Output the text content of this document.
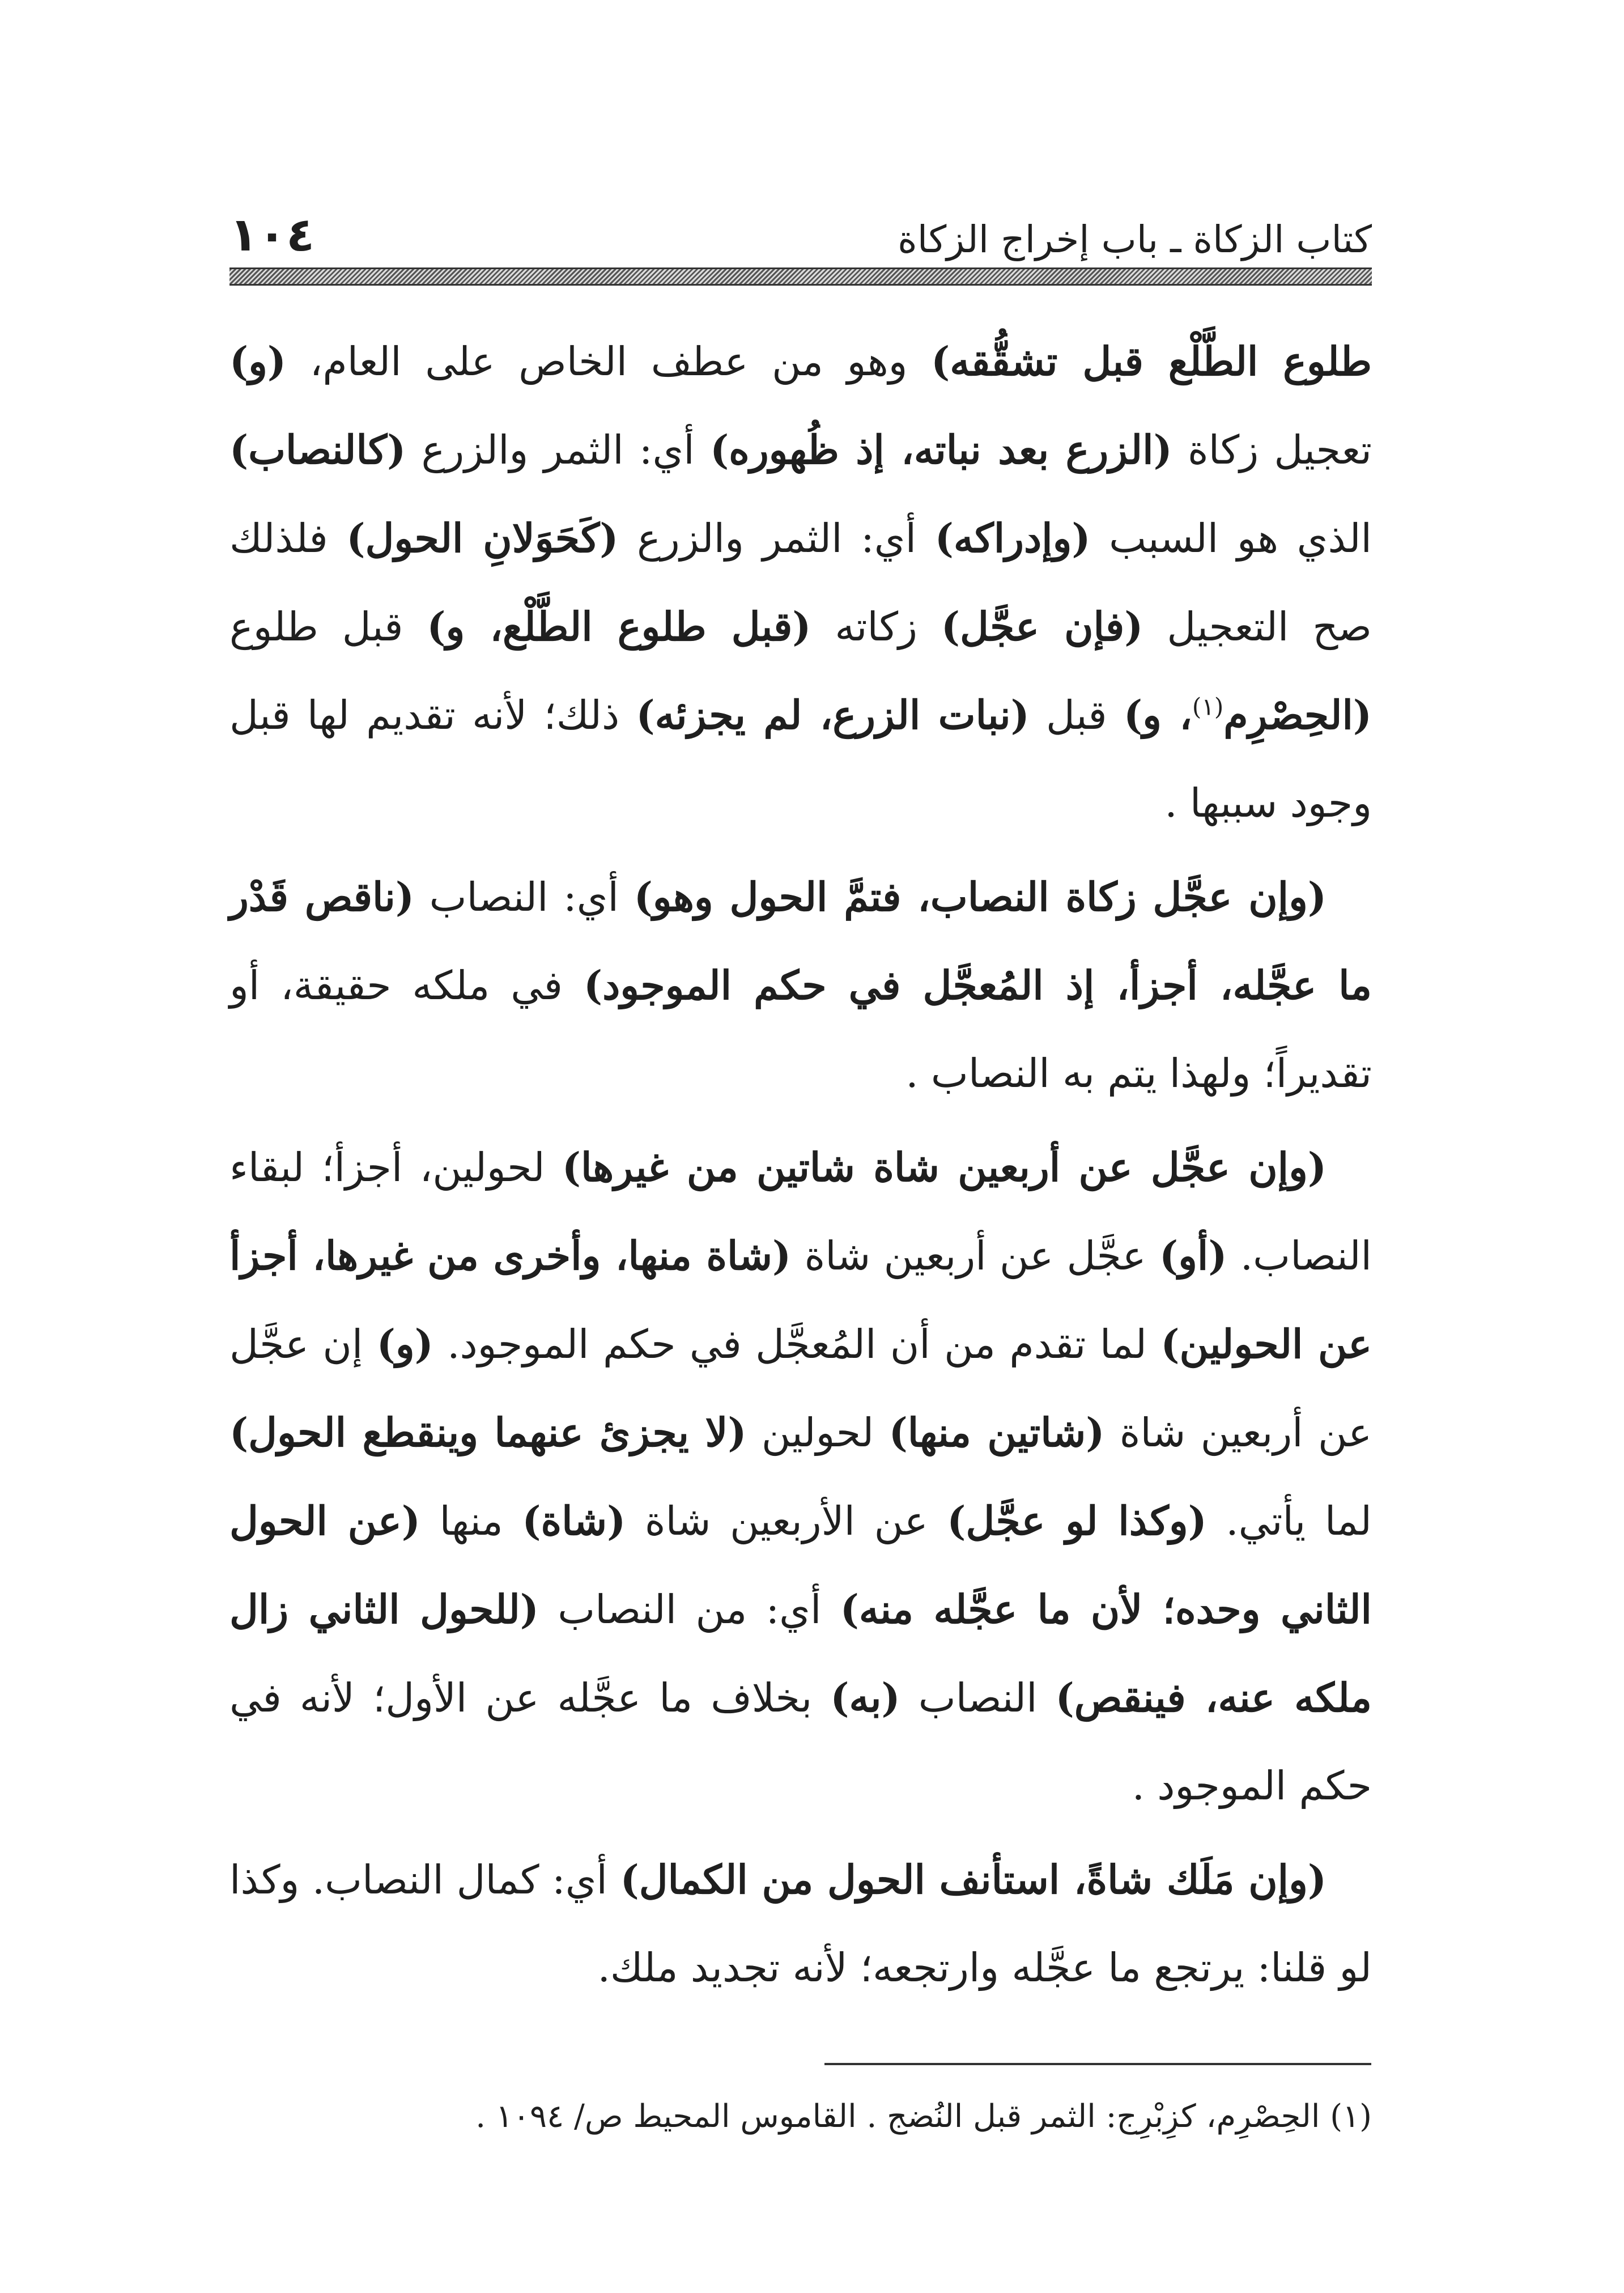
كتاب الزكاة ـ باب إخراج الزكاة
١٠٤

طلوع الطَّلْع قبل تشقُّقه) وهو من عطف الخاص على العام، (و) تعجيل زكاة (الزرع بعد نباته، إذ ظُهوره) أي: الثمر والزرع (كالنصاب) الذي هو السبب (وإدراكه) أي: الثمر والزرع (كَحَوَلانِ الحول) فلذلك صح التعجيل (فإن عجَّل) زكاته (قبل طلوع الطَّلْع، و) قبل طلوع (الحِصْرِم$^{(١)}$، و) قبل (نبات الزرع، لم يجزئه) ذلك؛ لأنه تقديم لها قبل وجود سببها .

(وإن عجَّل زكاة النصاب، فتمَّ الحول وهو) أي: النصاب (ناقص قَدْر ما عجَّله، أجزأ، إذ المُعجَّل في حكم الموجود) في ملكه حقيقة، أو تقديراً؛ ولهذا يتم به النصاب .

(وإن عجَّل عن أربعين شاة شاتين من غيرها) لحولين، أجزأ؛ لبقاء النصاب. (أو) عجَّل عن أربعين شاة (شاة منها، وأخرى من غيرها، أجزأ عن الحولين) لما تقدم من أن المُعجَّل في حكم الموجود. (و) إن عجَّل عن أربعين شاة (شاتين منها) لحولين (لا يجزئ عنهما وينقطع الحول) لما يأتي. (وكذا لو عجَّل) عن الأربعين شاة (شاة) منها (عن الحول الثاني وحده؛ لأن ما عجَّله منه) أي: من النصاب (للحول الثاني زال ملكه عنه، فينقص) النصاب (به) بخلاف ما عجَّله عن الأول؛ لأنه في حكم الموجود .

(وإن مَلَك شاةً، استأنف الحول من الكمال) أي: كمال النصاب. وكذا لو قلنا: يرتجع ما عجَّله وارتجعه؛ لأنه تجديد ملك.

(١) الحِصْرِم، كزِبْرِج: الثمر قبل النُضج . القاموس المحيط ص/ ١٠٩٤ .
